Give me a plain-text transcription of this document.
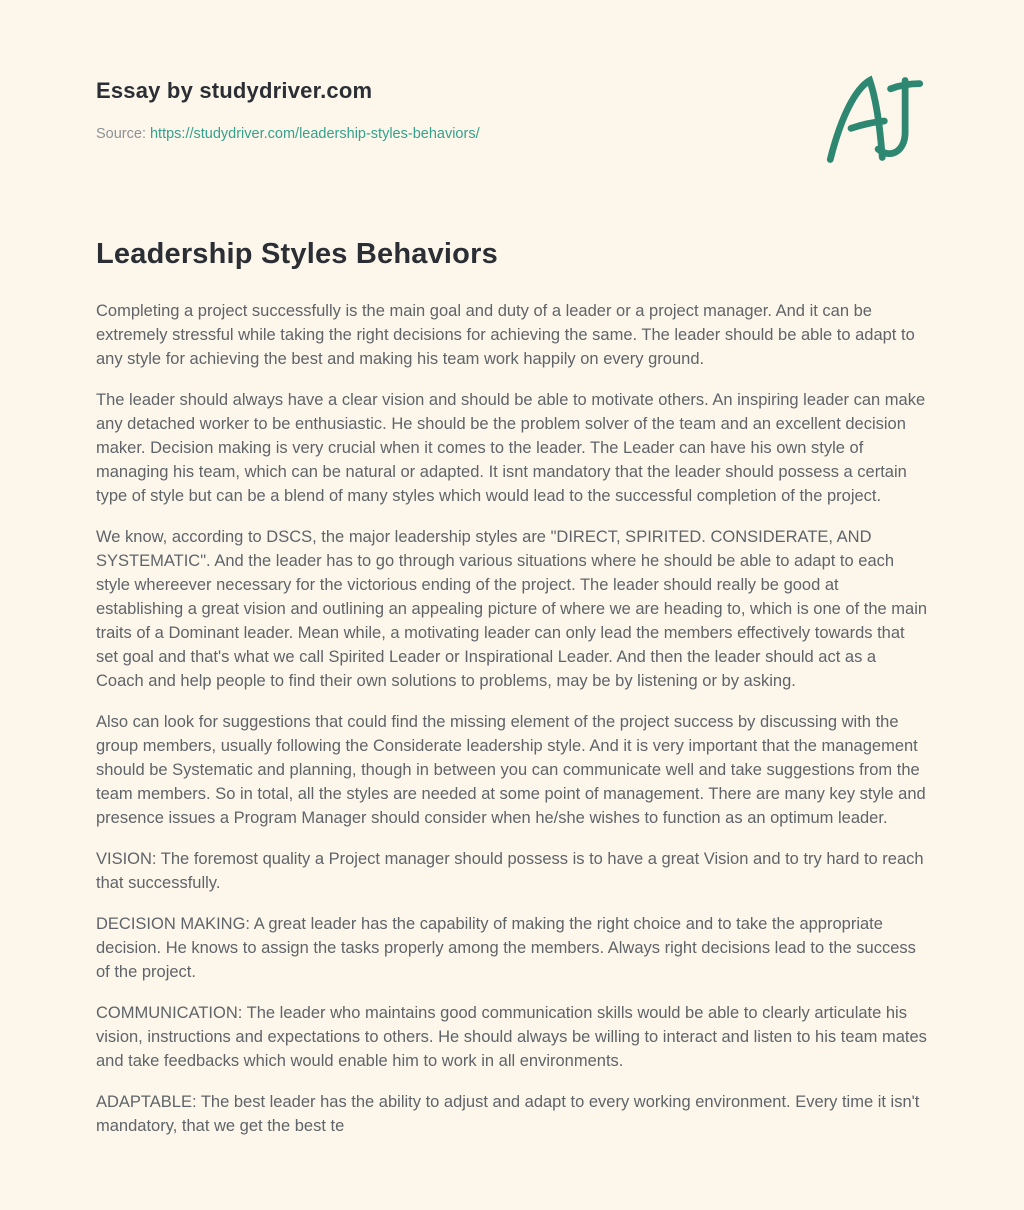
Essay by studydriver.com
Source: https://studydriver.com/leadership-styles-behaviors/
Leadership Styles Behaviors

Completing a project successfully is the main goal and duty of a leader or a project manager. And it can be extremely stressful while taking the right decisions for achieving the same. The leader should be able to adapt to any style for achieving the best and making his team work happily on every ground.

The leader should always have a clear vision and should be able to motivate others. An inspiring leader can make any detached worker to be enthusiastic. He should be the problem solver of the team and an excellent decision maker. Decision making is very crucial when it comes to the leader. The Leader can have his own style of managing his team, which can be natural or adapted. It isnt mandatory that the leader should possess a certain type of style but can be a blend of many styles which would lead to the successful completion of the project.

We know, according to DSCS, the major leadership styles are "DIRECT, SPIRITED. CONSIDERATE, AND SYSTEMATIC". And the leader has to go through various situations where he should be able to adapt to each style whereever necessary for the victorious ending of the project. The leader should really be good at establishing a great vision and outlining an appealing picture of where we are heading to, which is one of the main traits of a Dominant leader. Mean while, a motivating leader can only lead the members effectively towards that set goal and that's what we call Spirited Leader or Inspirational Leader. And then the leader should act as a Coach and help people to find their own solutions to problems, may be by listening or by asking.

Also can look for suggestions that could find the missing element of the project success by discussing with the group members, usually following the Considerate leadership style. And it is very important that the management should be Systematic and planning, though in between you can communicate well and take suggestions from the team members. So in total, all the styles are needed at some point of management. There are many key style and presence issues a Program Manager should consider when he/she wishes to function as an optimum leader.

VISION: The foremost quality a Project manager should possess is to have a great Vision and to try hard to reach that successfully.

DECISION MAKING: A great leader has the capability of making the right choice and to take the appropriate decision. He knows to assign the tasks properly among the members. Always right decisions lead to the success of the project.

COMMUNICATION: The leader who maintains good communication skills would be able to clearly articulate his vision, instructions and expectations to others. He should always be willing to interact and listen to his team mates and take feedbacks which would enable him to work in all environments.

ADAPTABLE: The best leader has the ability to adjust and adapt to every working environment. Every time it isn't mandatory, that we get the best te
